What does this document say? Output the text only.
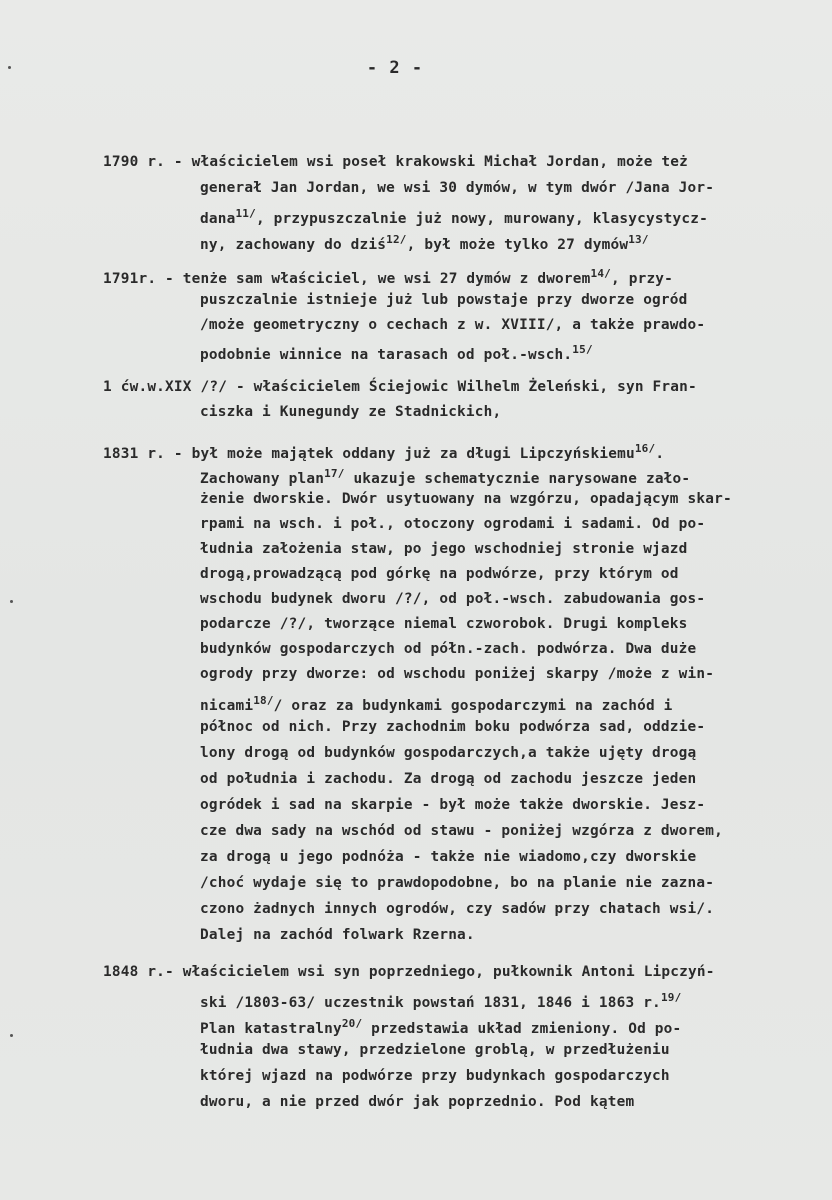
- 2 -
1790 r. - właścicielem wsi poseł krakowski Michał Jordan, może też
generał Jan Jordan, we wsi 30 dymów, w tym dwór /Jana Jor-
dana$^{11/}$, przypuszczalnie już nowy, murowany, klasycystycz-
ny, zachowany do dziś$^{12/}$, był może tylko 27 dymów$^{13/}$
1791r. - tenże sam właściciel, we wsi 27 dymów z dworem$^{14/}$, przy-
puszczalnie istnieje już lub powstaje przy dworze ogród
/może geometryczny o cechach z w. XVIII/, a także prawdo-
podobnie winnice na tarasach od poł.-wsch.$^{15/}$
1 ćw.w.XIX /?/ - właścicielem Ściejowic Wilhelm Żeleński, syn Fran-
ciszka i Kunegundy ze Stadnickich,
1831 r. - był może majątek oddany już za długi Lipczyńskiemu$^{16/}$.
Zachowany plan$^{17/}$ ukazuje schematycznie narysowane zało-
żenie dworskie. Dwór usytuowany na wzgórzu, opadającym skar-
rpami na wsch. i poł., otoczony ogrodami i sadami. Od po-
łudnia założenia staw, po jego wschodniej stronie wjazd
drogą,prowadzącą pod górkę na podwórze, przy którym od
wschodu budynek dworu /?/, od poł.-wsch. zabudowania gos-
podarcze /?/, tworzące niemal czworobok. Drugi kompleks
budynków gospodarczych od półn.-zach. podwórza. Dwa duże
ogrody przy dworze: od wschodu poniżej skarpy /może z win-
nicami$^{18/}$/ oraz za budynkami gospodarczymi na zachód i
północ od nich. Przy zachodnim boku podwórza sad, oddzie-
lony drogą od budynków gospodarczych,a także ujęty drogą
od południa i zachodu. Za drogą od zachodu jeszcze jeden
ogródek i sad na skarpie - był może także dworskie. Jesz-
cze dwa sady na wschód od stawu - poniżej wzgórza z dworem,
za drogą u jego podnóża - także nie wiadomo,czy dworskie
/choć wydaje się to prawdopodobne, bo na planie nie zazna-
czono żadnych innych ogrodów, czy sadów przy chatach wsi/.
Dalej na zachód folwark Rzerna.
1848 r.- właścicielem wsi syn poprzedniego, pułkownik Antoni Lipczyń-
ski /1803-63/ uczestnik powstań 1831, 1846 i 1863 r.$^{19/}$
Plan katastralny$^{20/}$ przedstawia układ zmieniony. Od po-
łudnia dwa stawy, przedzielone groblą, w przedłużeniu
której wjazd na podwórze przy budynkach gospodarczych
dworu, a nie przed dwór jak poprzednio. Pod kątem
